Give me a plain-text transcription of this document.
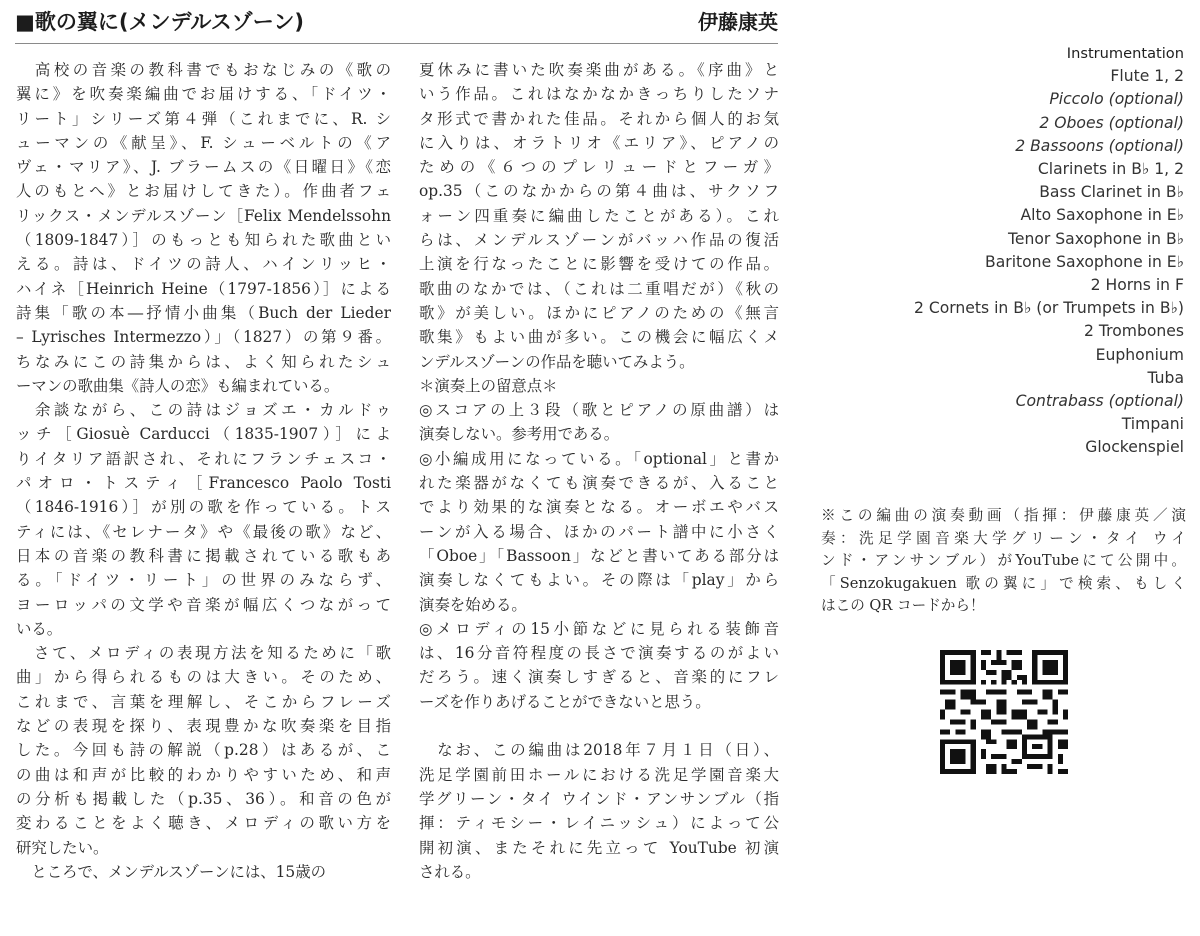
■歌の翼に(メンデルスゾーン)	伊藤康英
　高校の音楽の教科書でもおなじみの《歌の
翼に》を吹奏楽編曲でお届けする、「ドイツ・
リート」シリーズ第４弾（これまでに、R. シ
ューマンの《献呈》、F. シューベルトの《ア
ヴェ・マリア》、J. ブラームスの《日曜日》《恋
人のもとへ》とお届けしてきた）。作曲者フェ
リックス・メンデルスゾーン［Felix Mendelssohn
（1809-1847）］のもっとも知られた歌曲とい
える。詩は、ドイツの詩人、ハインリッヒ・
ハイネ［Heinrich Heine（1797-1856）］による
詩集「歌の本―抒情小曲集（Buch der Lieder
– Lyrisches Intermezzo）」（1827）の第９番。
ちなみにこの詩集からは、よく知られたシュ
ーマンの歌曲集《詩人の恋》も編まれている。
　余談ながら、この詩はジョズエ・カルドゥ
ッチ［Giosuè Carducci（1835-1907）］によ
りイタリア語訳され、それにフランチェスコ・
パオロ・トスティ［Francesco Paolo Tosti
（1846-1916）］が別の歌を作っている。トス
ティには、《セレナータ》や《最後の歌》など、
日本の音楽の教科書に掲載されている歌もあ
る。「ドイツ・リート」の世界のみならず、
ヨーロッパの文学や音楽が幅広くつながって
いる。
　さて、メロディの表現方法を知るために「歌
曲」から得られるものは大きい。そのため、
これまで、言葉を理解し、そこからフレーズ
などの表現を探り、表現豊かな吹奏楽を目指
した。今回も詩の解説（p.28）はあるが、こ
の曲は和声が比較的わかりやすいため、和声
の分析も掲載した（p.35、36）。和音の色が
変わることをよく聴き、メロディの歌い方を
研究したい。
　ところで、メンデルスゾーンには、15歳の
夏休みに書いた吹奏楽曲がある。《序曲》と
いう作品。これはなかなかきっちりしたソナ
タ形式で書かれた佳品。それから個人的お気
に入りは、オラトリオ《エリア》、ピアノの
ための《６つのプレリュードとフーガ》
op.35（このなかからの第４曲は、サクソフ
ォーン四重奏に編曲したことがある）。これ
らは、メンデルスゾーンがバッハ作品の復活
上演を行なったことに影響を受けての作品。
歌曲のなかでは、（これは二重唱だが）《秋の
歌》が美しい。ほかにピアノのための《無言
歌集》もよい曲が多い。この機会に幅広くメ
ンデルスゾーンの作品を聴いてみよう。
＊演奏上の留意点＊
◎スコアの上３段（歌とピアノの原曲譜）は
演奏しない。参考用である。
◎小編成用になっている。「optional」と書か
れた楽器がなくても演奏できるが、入ること
でより効果的な演奏となる。オーボエやバス
ーンが入る場合、ほかのパート譜中に小さく
「Oboe」「Bassoon」などと書いてある部分は
演奏しなくてもよい。その際は「play」から
演奏を始める。
◎メロディの15小節などに見られる装飾音
は、16分音符程度の長さで演奏するのがよい
だろう。速く演奏しすぎると、音楽的にフレ
ーズを作りあげることができないと思う。

　なお、この編曲は2018年７月１日（日）、
洗足学園前田ホールにおける洗足学園音楽大
学グリーン・タイ ウインド・アンサンブル（指
揮：ティモシー・レイニッシュ）によって公
開初演、またそれに先立って YouTube 初演
される。
Instrumentation
Flute 1, 2
Piccolo (optional)
2 Oboes (optional)
2 Bassoons (optional)
Clarinets in B♭ 1, 2
Bass Clarinet in B♭
Alto Saxophone in E♭
Tenor Saxophone in B♭
Baritone Saxophone in E♭
2 Horns in F
2 Cornets in B♭ (or Trumpets in B♭)
2 Trombones
Euphonium
Tuba
Contrabass (optional)
Timpani
Glockenspiel
※この編曲の演奏動画（指揮：伊藤康英／演
奏：洗足学園音楽大学グリーン・タイ ウイ
ンド・アンサンブル）がYouTubeにて公開中。
「Senzokugakuen 歌の翼に」で検索、もしく
はこの QR コードから！
